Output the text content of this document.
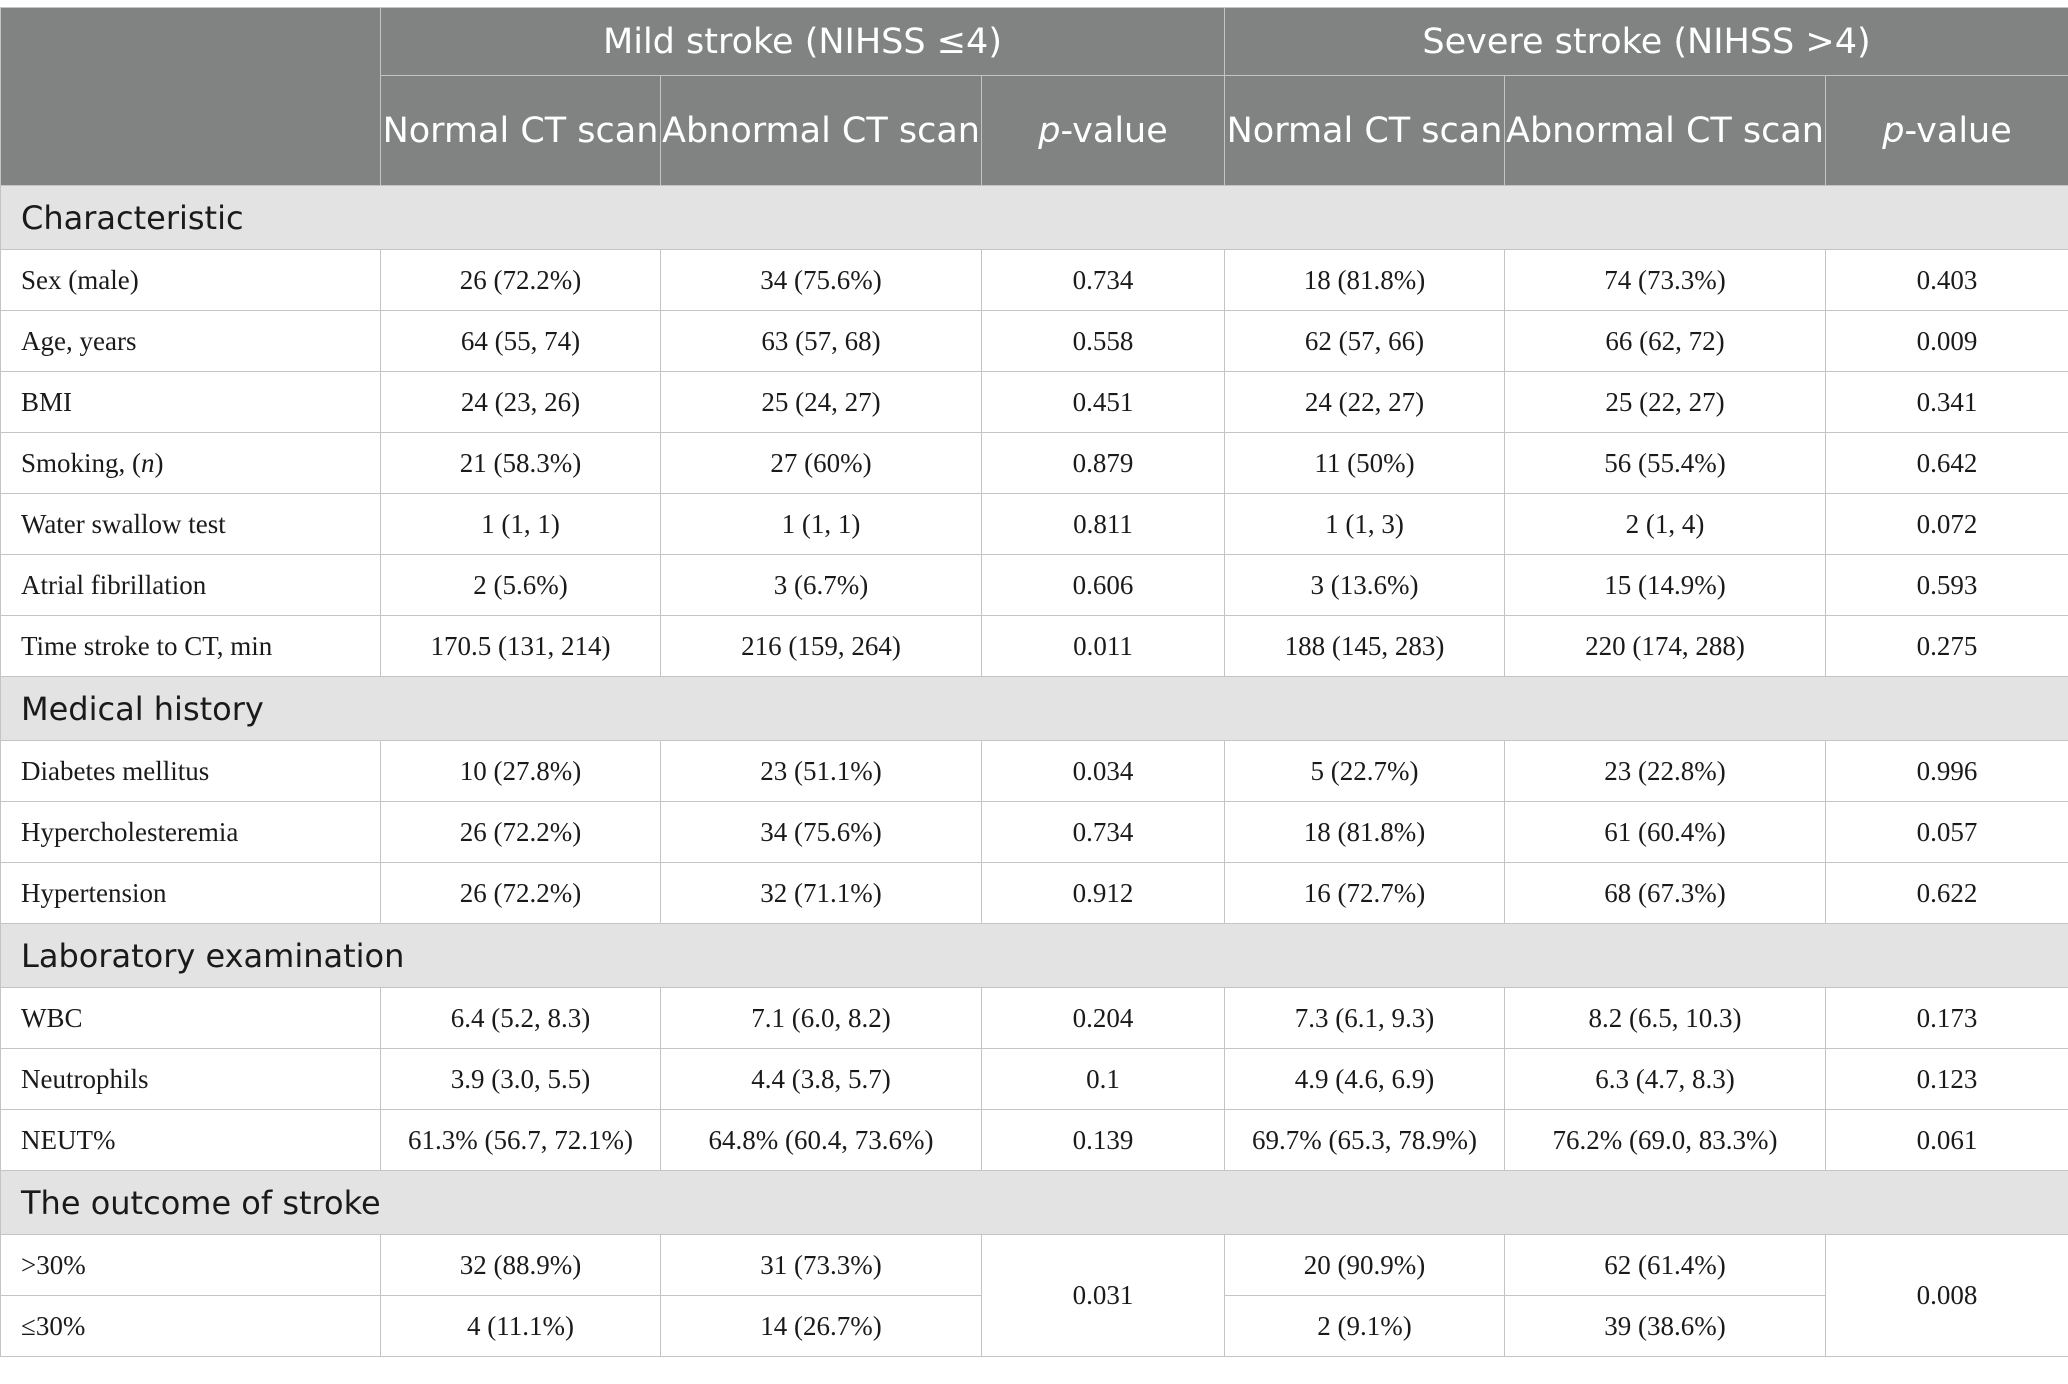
	Mild stroke (NIHSS ≤4)			Severe stroke (NIHSS >4)		
	Normal CT scan	Abnormal CT scan	p-value	Normal CT scan	Abnormal CT scan	p-value
Characteristic						
Sex (male)	26 (72.2%)	34 (75.6%)	0.734	18 (81.8%)	74 (73.3%)	0.403
Age, years	64 (55, 74)	63 (57, 68)	0.558	62 (57, 66)	66 (62, 72)	0.009
BMI	24 (23, 26)	25 (24, 27)	0.451	24 (22, 27)	25 (22, 27)	0.341
Smoking, (n)	21 (58.3%)	27 (60%)	0.879	11 (50%)	56 (55.4%)	0.642
Water swallow test	1 (1, 1)	1 (1, 1)	0.811	1 (1, 3)	2 (1, 4)	0.072
Atrial fibrillation	2 (5.6%)	3 (6.7%)	0.606	3 (13.6%)	15 (14.9%)	0.593
Time stroke to CT, min	170.5 (131, 214)	216 (159, 264)	0.011	188 (145, 283)	220 (174, 288)	0.275
Medical history						
Diabetes mellitus	10 (27.8%)	23 (51.1%)	0.034	5 (22.7%)	23 (22.8%)	0.996
Hypercholesteremia	26 (72.2%)	34 (75.6%)	0.734	18 (81.8%)	61 (60.4%)	0.057
Hypertension	26 (72.2%)	32 (71.1%)	0.912	16 (72.7%)	68 (67.3%)	0.622
Laboratory examination						
WBC	6.4 (5.2, 8.3)	7.1 (6.0, 8.2)	0.204	7.3 (6.1, 9.3)	8.2 (6.5, 10.3)	0.173
Neutrophils	3.9 (3.0, 5.5)	4.4 (3.8, 5.7)	0.1	4.9 (4.6, 6.9)	6.3 (4.7, 8.3)	0.123
NEUT%	61.3% (56.7, 72.1%)	64.8% (60.4, 73.6%)	0.139	69.7% (65.3, 78.9%)	76.2% (69.0, 83.3%)	0.061
The outcome of stroke						
>30%	32 (88.9%)	31 (73.3%)	0.031	20 (90.9%)	62 (61.4%)	0.008
≤30%	4 (11.1%)	14 (26.7%)		2 (9.1%)	39 (38.6%)	
